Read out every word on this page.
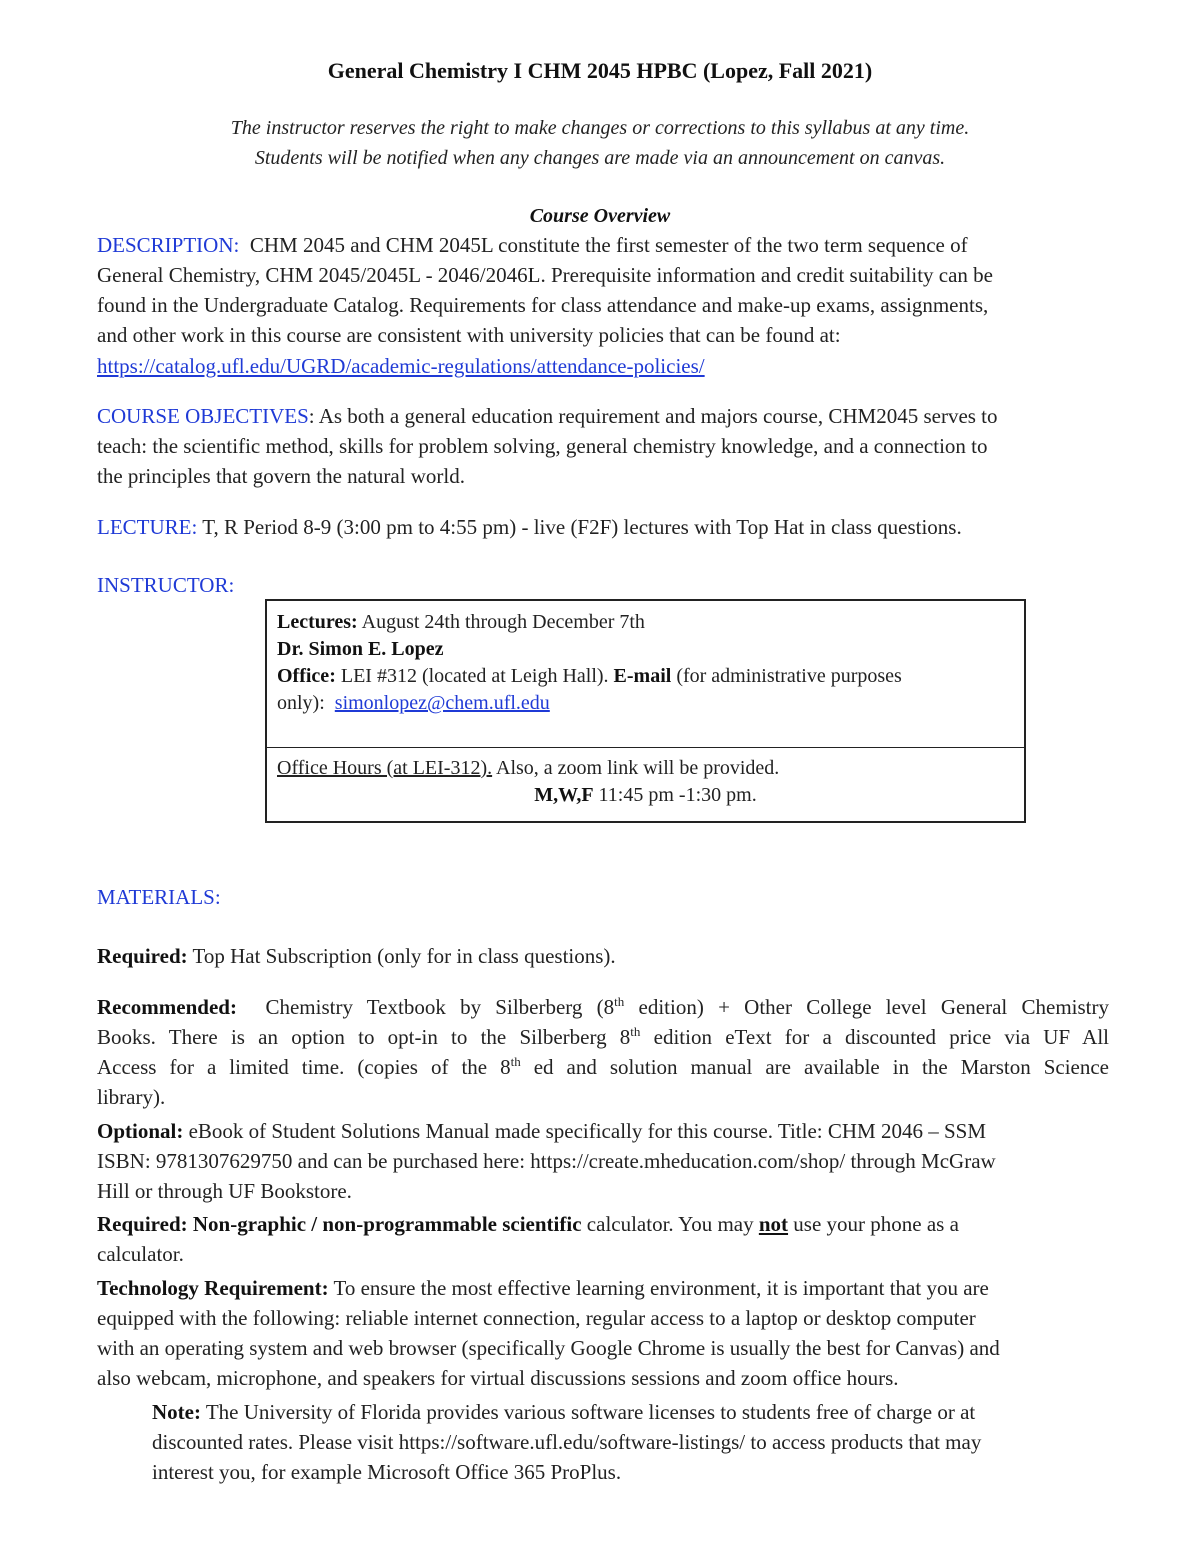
General Chemistry I CHM 2045 HPBC (Lopez, Fall 2021)
The instructor reserves the right to make changes or corrections to this syllabus at any time.
Students will be notified when any changes are made via an announcement on canvas.
Course Overview
DESCRIPTION: CHM 2045 and CHM 2045L constitute the first semester of the two term sequence of
General Chemistry, CHM 2045/2045L - 2046/2046L. Prerequisite information and credit suitability can be
found in the Undergraduate Catalog. Requirements for class attendance and make-up exams, assignments,
and other work in this course are consistent with university policies that can be found at:
https://catalog.ufl.edu/UGRD/academic-regulations/attendance-policies/
COURSE OBJECTIVES: As both a general education requirement and majors course, CHM2045 serves to
teach: the scientific method, skills for problem solving, general chemistry knowledge, and a connection to
the principles that govern the natural world.
LECTURE: T, R Period 8-9 (3:00 pm to 4:55 pm) - live (F2F) lectures with Top Hat in class questions.
INSTRUCTOR:
Lectures: August 24th through December 7th
Dr. Simon E. Lopez
Office: LEI #312 (located at Leigh Hall). E-mail (for administrative purposes
only): simonlopez@chem.ufl.edu
Office Hours (at LEI-312). Also, a zoom link will be provided.
M,W,F 11:45 pm -1:30 pm.
MATERIALS:
Required: Top Hat Subscription (only for in class questions).
Recommended: Chemistry Textbook by Silberberg (8th edition) + Other College level General Chemistry
Books. There is an option to opt-in to the Silberberg 8th edition eText for a discounted price via UF All
Access for a limited time. (copies of the 8th ed and solution manual are available in the Marston Science
library).
Optional: eBook of Student Solutions Manual made specifically for this course. Title: CHM 2046 – SSM
ISBN: 9781307629750 and can be purchased here: https://create.mheducation.com/shop/ through McGraw
Hill or through UF Bookstore.
Required: Non-graphic / non-programmable scientific calculator. You may not use your phone as a
calculator.
Technology Requirement: To ensure the most effective learning environment, it is important that you are
equipped with the following: reliable internet connection, regular access to a laptop or desktop computer
with an operating system and web browser (specifically Google Chrome is usually the best for Canvas) and
also webcam, microphone, and speakers for virtual discussions sessions and zoom office hours.
Note: The University of Florida provides various software licenses to students free of charge or at
discounted rates. Please visit https://software.ufl.edu/software-listings/ to access products that may
interest you, for example Microsoft Office 365 ProPlus.
